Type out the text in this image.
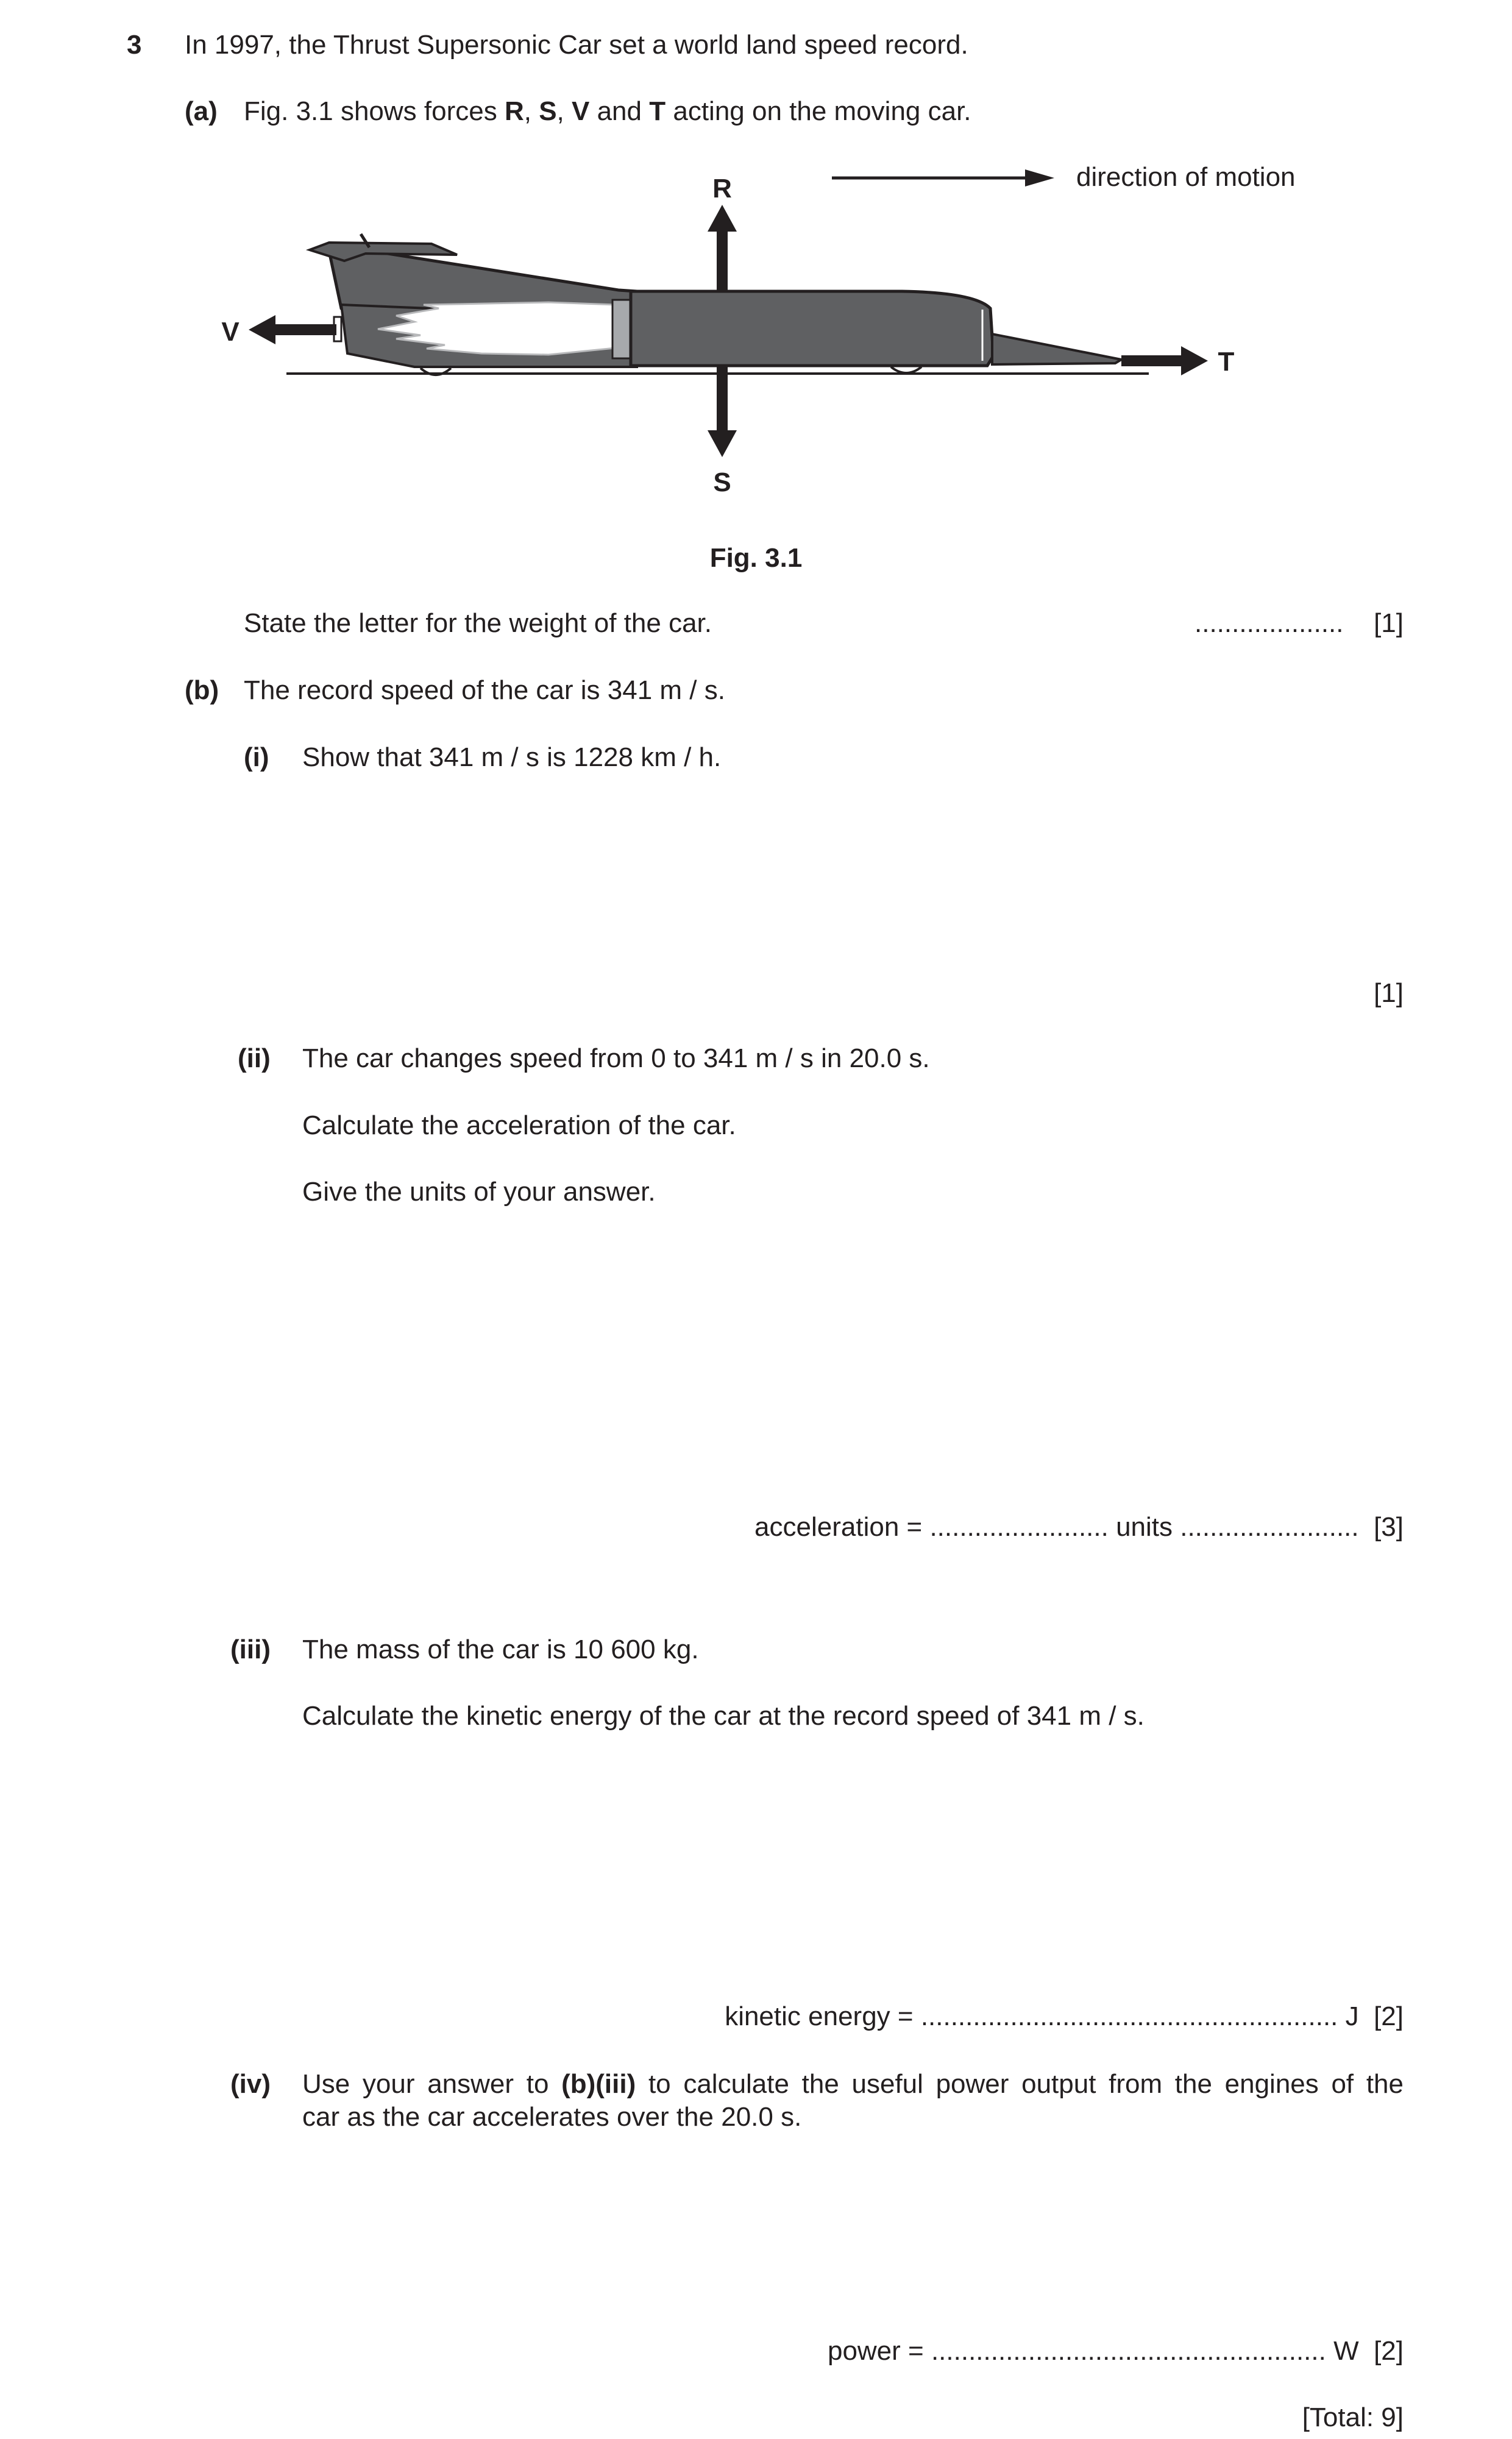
3 In 1997, the Thrust Supersonic Car set a world land speed record.
(a) Fig. 3.1 shows forces R, S, V and T acting on the moving car.
R
S
V
T
direction of motion
Fig. 3.1
State the letter for the weight of the car.	.................... [1]
(b) The record speed of the car is 341 m / s.
(i) Show that 341 m / s is 1228 km / h.
[1]
(ii) The car changes speed from 0 to 341 m / s in 20.0 s.
Calculate the acceleration of the car.
Give the units of your answer.
acceleration = ........................ units ........................ [3]
(iii) The mass of the car is 10 600 kg.
Calculate the kinetic energy of the car at the record speed of 341 m / s.
kinetic energy = ........................................................ J [2]
(iv) Use your answer to (b)(iii) to calculate the useful power output from the engines of the
car as the car accelerates over the 20.0 s.
power = ..................................................... W [2]
[Total: 9]
